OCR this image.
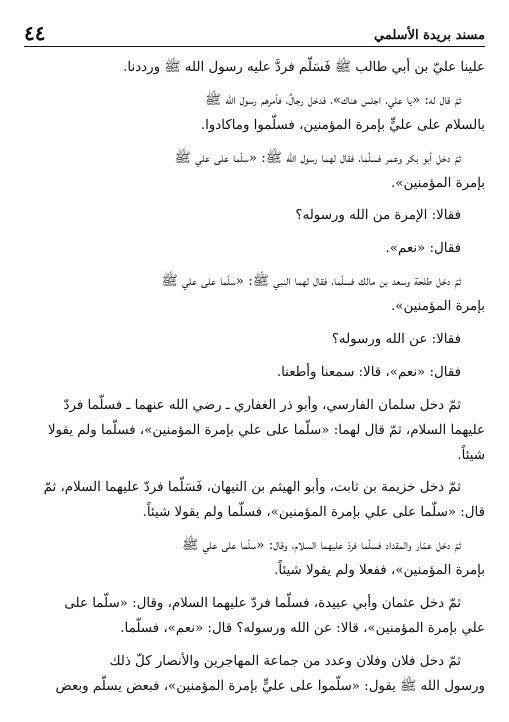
٤٤	مسند بريدة الأسلمي
علينا عليّ بن أبي طالب ﷺ فَسَلَّم فردَّ عليه رسول الله ﷺ ورددنا.
ثمّ قال له: «يا علي، اجلس هناك»، فدخل رجالٌ، فأمرهم رسول الله ﷺ
بالسلام على عليٍّ بإمرة المؤمنين، فسلّموا وماكادوا.
ثمّ دخل أبو بكر وعمر فسلّما، فقال لهما رسول الله ﷺ: «سلّما على علي ﷺ
بإمرة المؤمنين».
فقالا: الإمرة من الله ورسوله؟
فقال: «نعم».
ثمّ دخل طلحة وسعد بن مالك فسلّما، فقال لهما النبي ﷺ: «سلّما على علي ﷺ
بإمرة المؤمنين».
فقالا: عن الله ورسوله؟
فقال: «نعم»، قالا: سمعنا وأطعنا.
ثمّ دخل سلمان الفارسي، وأبو ذر الغفاري ـ رضي الله عنهما ـ فسلّما فردّ
عليهما السلام، ثمّ قال لهما: «سلّما على علي بإمرة المؤمنين»، فسلّما ولم يقولا
شيئاً.
ثمّ دخل خزيمة بن ثابت، وأبو الهيثم بن التيهان، فَسَلّما فردّ عليهما السلام، ثمّ
قال: «سلّما على علي بإمرة المؤمنين»، فسلّما ولم يقولا شيئاً.
ثمّ دخل عمّار والمقداد فسلّما فردّ عليهما السلام، وقال: «سلّما على علي ﷺ
بإمرة المؤمنين»، ففعلا ولم يقولا شيئاً.
ثمّ دخل عثمان وأبي عبيدة، فسلّما فردّ عليهما السلام، وقال: «سلّما على
علي بإمرة المؤمنين»، قالا: عن الله ورسوله؟ قال: «نعم»، فسلّما.
ثمّ دخل فلان وفلان وعدد من جماعة المهاجرين والأنصار كلّ ذلك
ورسول الله ﷺ يقول: «سلّموا على عليٍّ بإمرة المؤمنين»، فبعض يسلّم وبعض
